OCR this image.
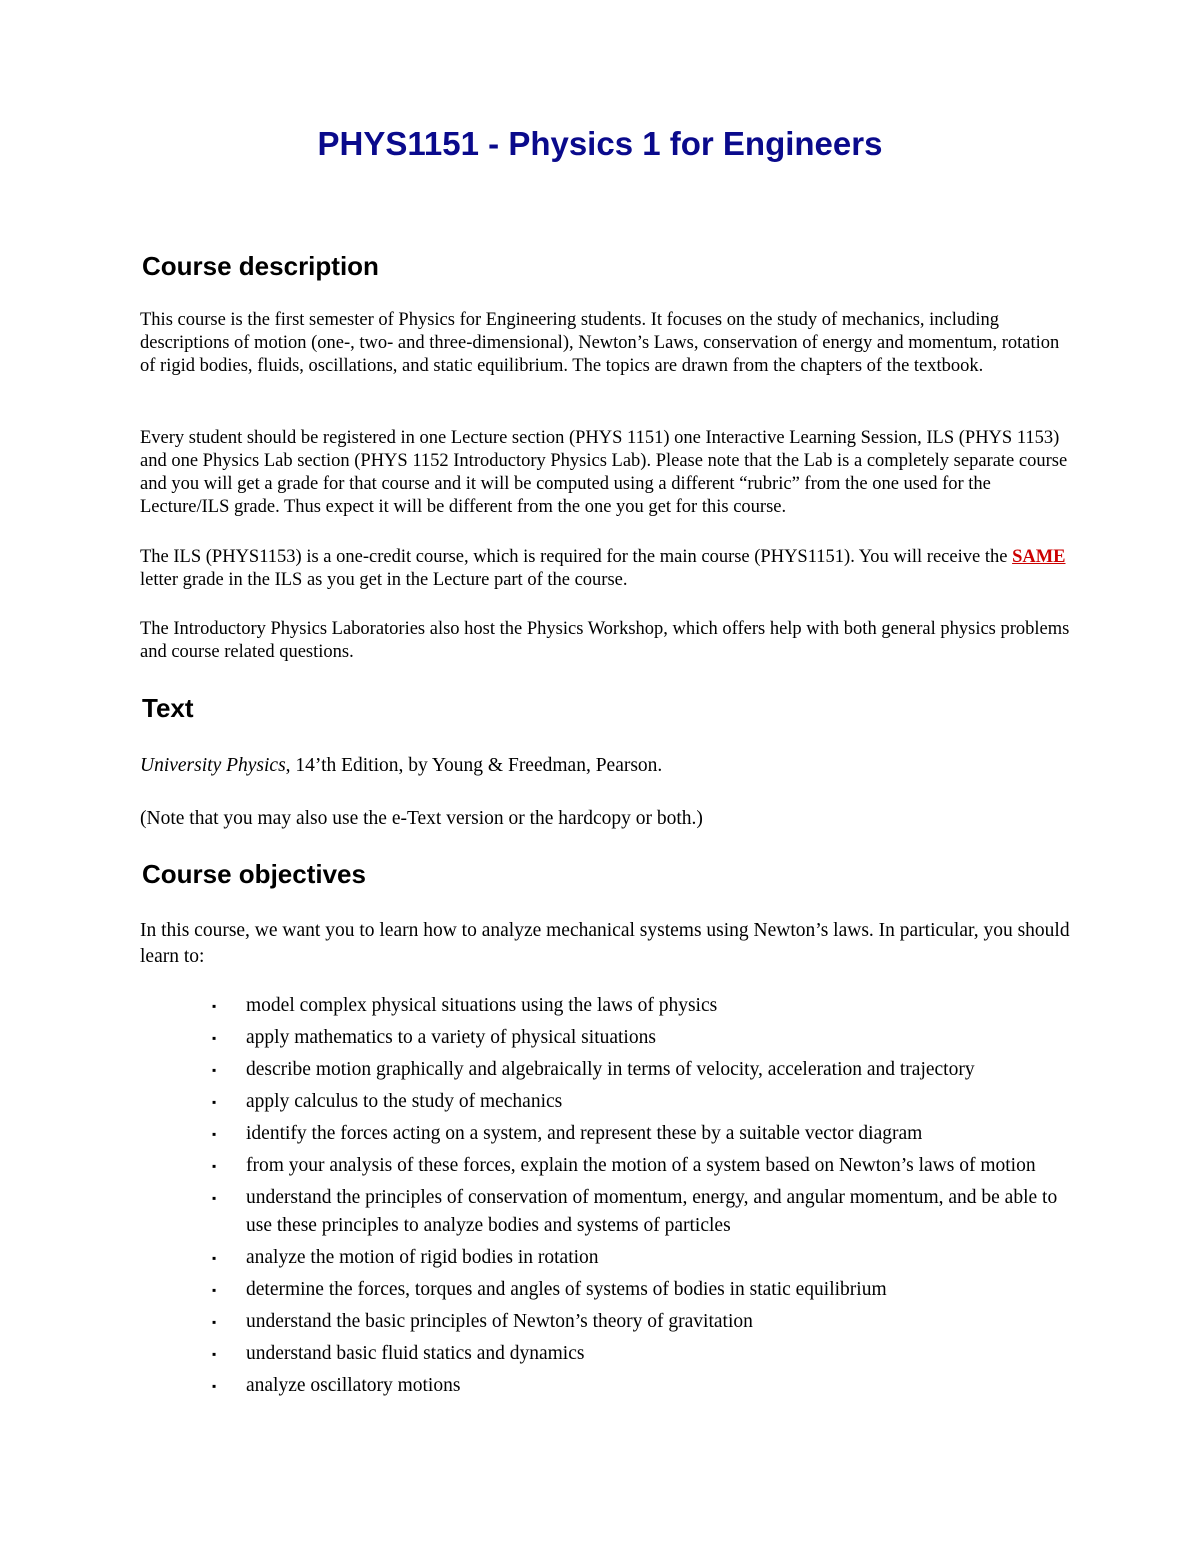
PHYS1151 - Physics 1 for Engineers
Course description

This course is the first semester of Physics for Engineering students. It focuses on the study of mechanics, including descriptions of motion (one-, two- and three-dimensional), Newton’s Laws, conservation of energy and momentum, rotation of rigid bodies, fluids, oscillations, and static equilibrium. The topics are drawn from the chapters of the textbook.

Every student should be registered in one Lecture section (PHYS 1151) one Interactive Learning Session, ILS (PHYS 1153) and one Physics Lab section (PHYS 1152 Introductory Physics Lab). Please note that the Lab is a completely separate course and you will get a grade for that course and it will be computed using a different “rubric” from the one used for the Lecture/ILS grade. Thus expect it will be different from the one you get for this course.

The ILS (PHYS1153) is a one-credit course, which is required for the main course (PHYS1151). You will receive the SAME letter grade in the ILS as you get in the Lecture part of the course.

The Introductory Physics Laboratories also host the Physics Workshop, which offers help with both general physics problems and course related questions.

Text

University Physics, 14’th Edition, by Young & Freedman, Pearson.

(Note that you may also use the e-Text version or the hardcopy or both.)

Course objectives

In this course, we want you to learn how to analyze mechanical systems using Newton’s laws. In particular, you should learn to:

▪ model complex physical situations using the laws of physics
▪ apply mathematics to a variety of physical situations
▪ describe motion graphically and algebraically in terms of velocity, acceleration and trajectory
▪ apply calculus to the study of mechanics
▪ identify the forces acting on a system, and represent these by a suitable vector diagram
▪ from your analysis of these forces, explain the motion of a system based on Newton’s laws of motion
▪ understand the principles of conservation of momentum, energy, and angular momentum, and be able to use these principles to analyze bodies and systems of particles
▪ analyze the motion of rigid bodies in rotation
▪ determine the forces, torques and angles of systems of bodies in static equilibrium
▪ understand the basic principles of Newton’s theory of gravitation
▪ understand basic fluid statics and dynamics
▪ analyze oscillatory motions
